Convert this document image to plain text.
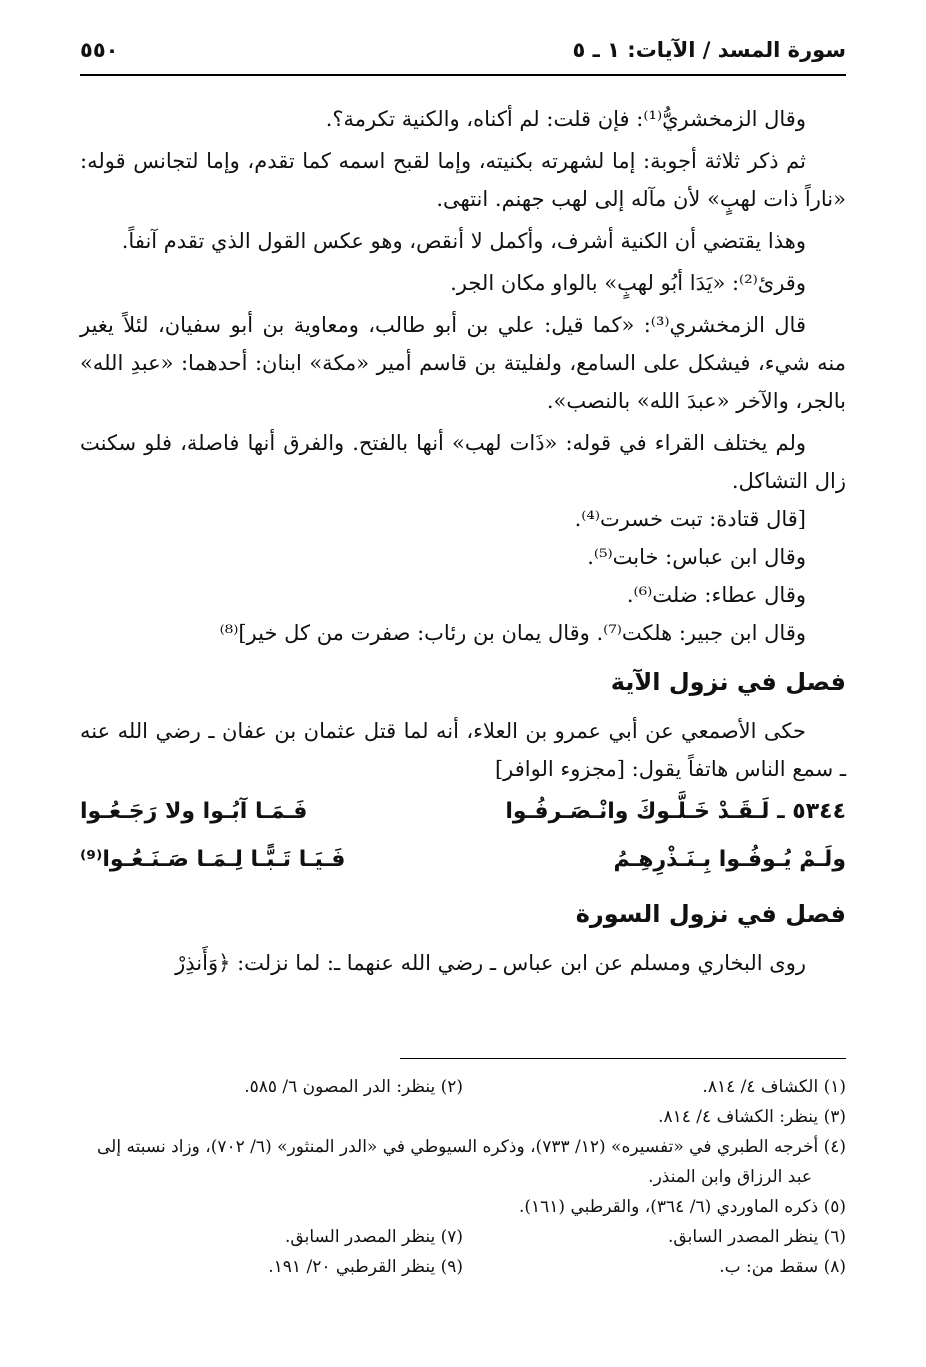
سورة المسد / الآيات: ١ ـ ٥
٥٥٠

وقال الزمخشريُّ⁽¹⁾: فإن قلت: لم أكناه، والكنية تكرمة؟.

ثم ذكر ثلاثة أجوبة: إما لشهرته بكنيته، وإما لقبح اسمه كما تقدم، وإما لتجانس قوله: «ناراً ذات لهبٍ» لأن مآله إلى لهب جهنم. انتهى.

وهذا يقتضي أن الكنية أشرف، وأكمل لا أنقص، وهو عكس القول الذي تقدم آنفاً.

وقرئ⁽²⁾: «يَدَا أبُو لهبٍ» بالواو مكان الجر.

قال الزمخشري⁽³⁾: «كما قيل: علي بن أبو طالب، ومعاوية بن أبو سفيان، لئلاً يغير منه شيء، فيشكل على السامع، ولفليتة بن قاسم أمير «مكة» ابنان: أحدهما: «عبدِ الله» بالجر، والآخر «عبدَ الله» بالنصب».

ولم يختلف القراء في قوله: «ذَات لهب» أنها بالفتح. والفرق أنها فاصلة، فلو سكنت زال التشاكل.

[قال قتادة: تبت خسرت⁽⁴⁾.

وقال ابن عباس: خابت⁽⁵⁾.

وقال عطاء: ضلت⁽⁶⁾.

وقال ابن جبير: هلكت⁽⁷⁾. وقال يمان بن رئاب: صفرت من كل خير]⁽⁸⁾

فصل في نزول الآية

حكى الأصمعي عن أبي عمرو بن العلاء، أنه لما قتل عثمان بن عفان ـ رضي الله عنه ـ سمع الناس هاتفاً يقول: [مجزوء الوافر]

٥٣٤٤ ـ لَـقَـدْ خَـلَّـوكَ وانْـصَـرفُـوا
فَـمَـا آبُـوا ولا رَجَـعُـوا
ولَـمْ يُـوفُـوا بِـنَـذْرِهِـمُ
فَـيَـا تَـبًّـا لِـمَـا صَـنَـعُـوا⁽⁹⁾
فصل في نزول السورة

روى البخاري ومسلم عن ابن عباس ـ رضي الله عنهما ـ: لما نزلت: ﴿وَأَنذِرْ

(١) الكشاف ٤/ ٨١٤.
(٢) ينظر: الدر المصون ٦/ ٥٨٥.
(٣) ينظر: الكشاف ٤/ ٨١٤.
(٤) أخرجه الطبري في «تفسيره» (١٢/ ٧٣٣)، وذكره السيوطي في «الدر المنثور» (٦/ ٧٠٢)، وزاد نسبته إلى عبد الرزاق وابن المنذر.
(٥) ذكره الماوردي (٦/ ٣٦٤)، والقرطبي (١٦١).
(٦) ينظر المصدر السابق.
(٧) ينظر المصدر السابق.
(٨) سقط من: ب.
(٩) ينظر القرطبي ٢٠/ ١٩١.
